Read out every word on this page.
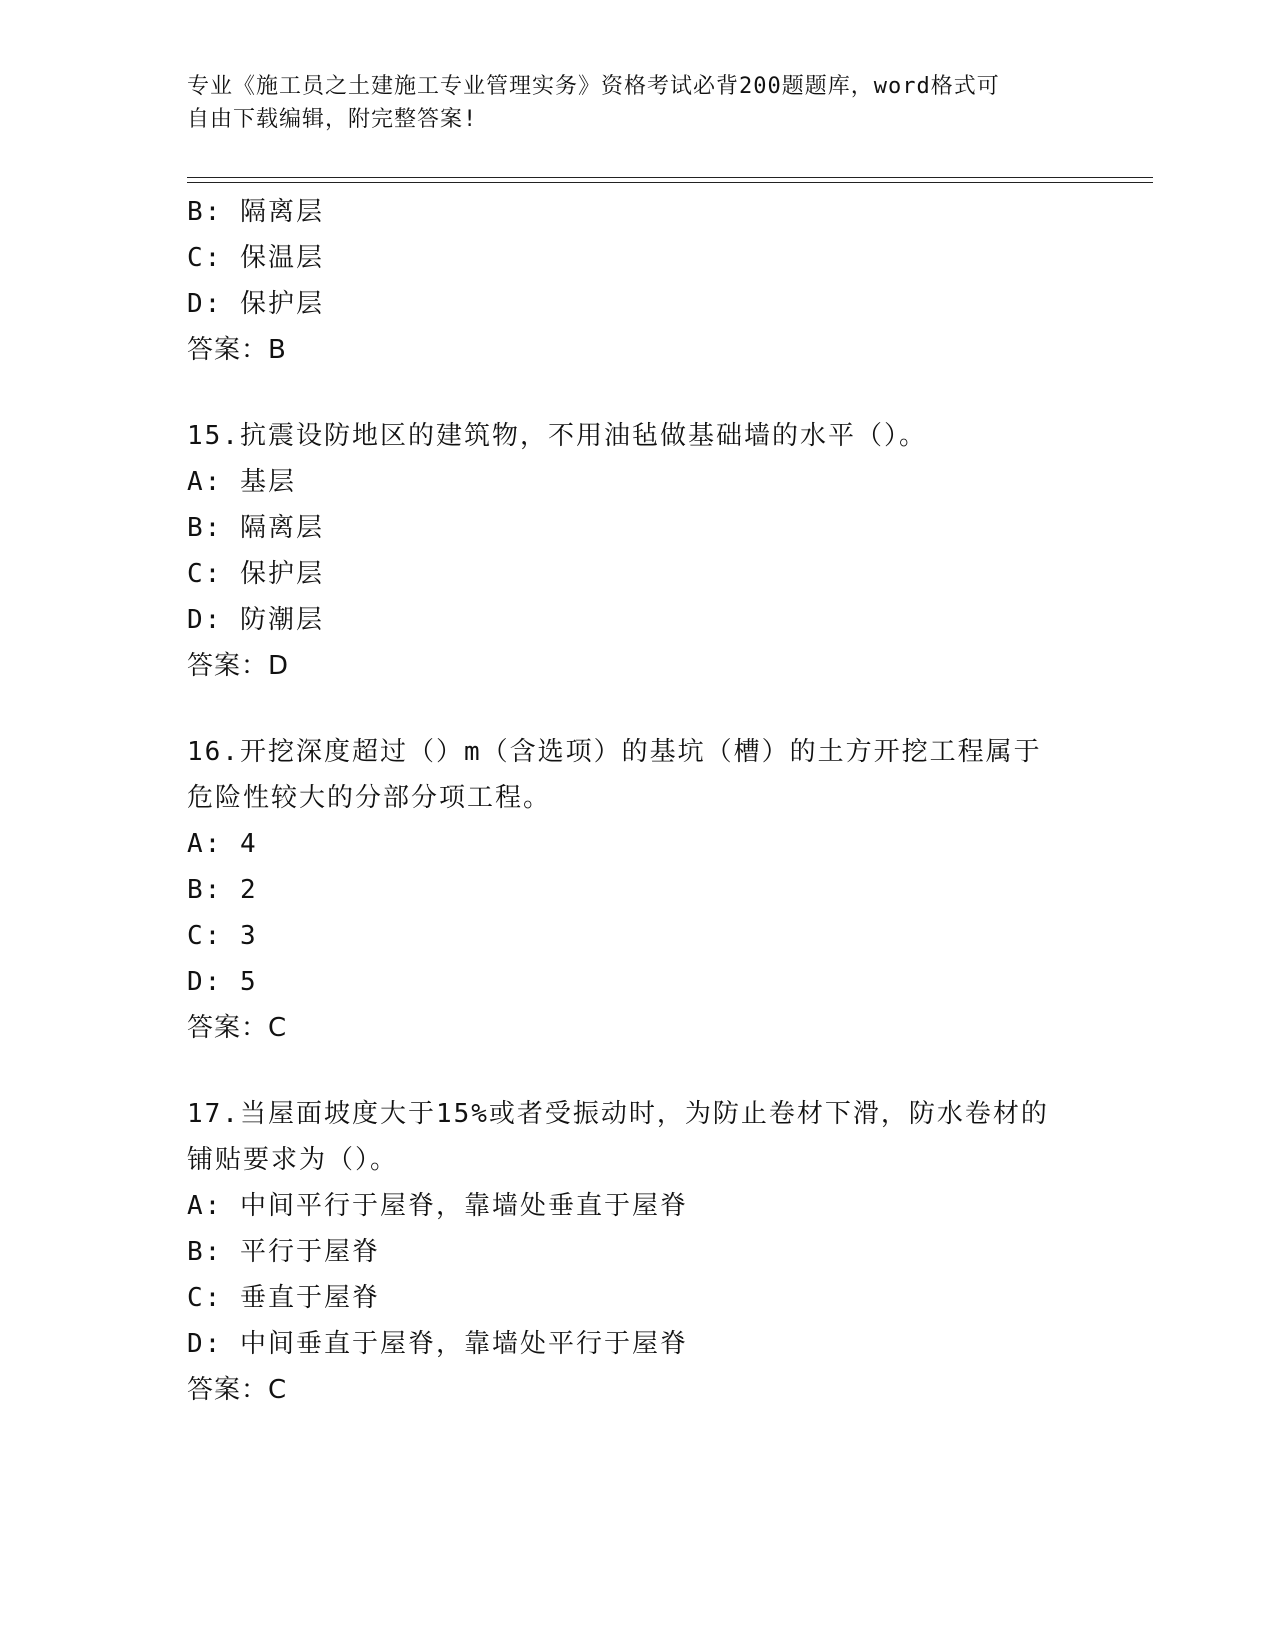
专业《施工员之土建施工专业管理实务》资格考试必背200题题库，word格式可
自由下载编辑，附完整答案!
B: 隔离层
C: 保温层
D: 保护层
答案：B
15.抗震设防地区的建筑物，不用油毡做基础墙的水平（）。
A: 基层
B: 隔离层
C: 保护层
D: 防潮层
答案：D
16.开挖深度超过（）m（含选项）的基坑（槽）的土方开挖工程属于
危险性较大的分部分项工程。
A: 4
B: 2
C: 3
D: 5
答案：C
17.当屋面坡度大于15%或者受振动时，为防止卷材下滑，防水卷材的
铺贴要求为（）。
A: 中间平行于屋脊，靠墙处垂直于屋脊
B: 平行于屋脊
C: 垂直于屋脊
D: 中间垂直于屋脊，靠墙处平行于屋脊
答案：C
